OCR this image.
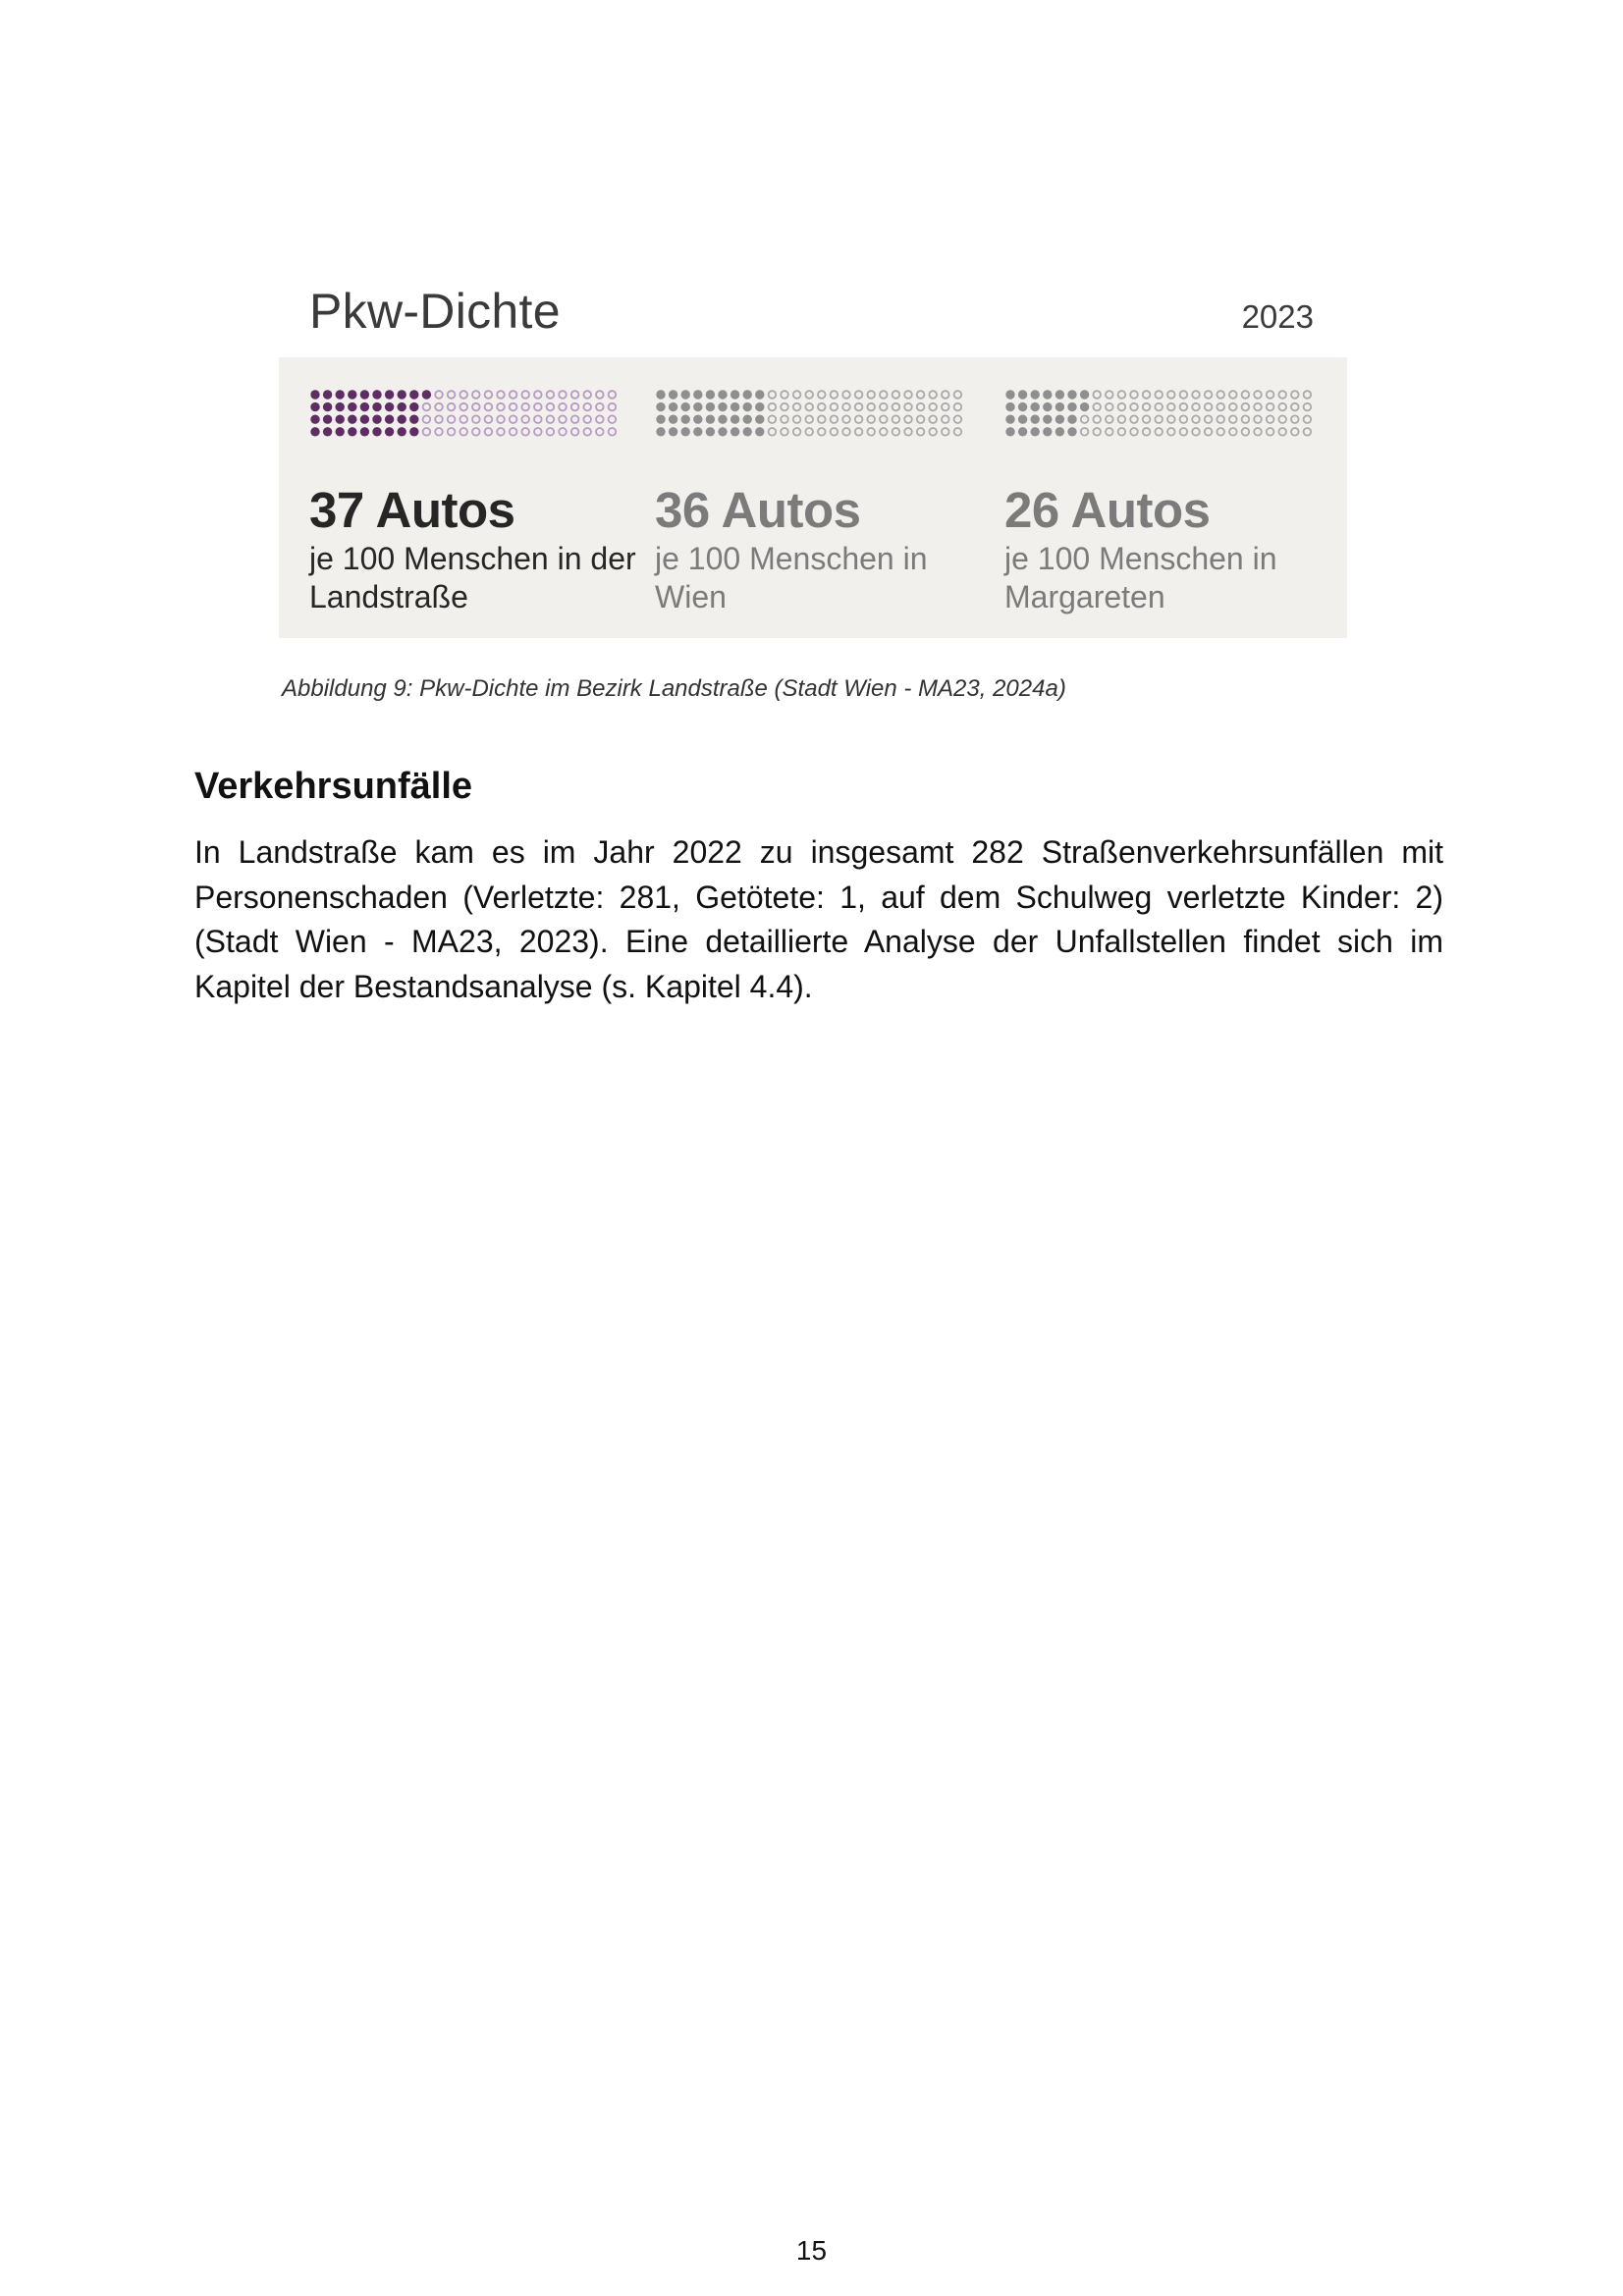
Pkw-Dichte	2023
37 Autos
je 100 Menschen in der Landstraße
36 Autos
je 100 Menschen in Wien
26 Autos
je 100 Menschen in Margareten
Abbildung 9: Pkw-Dichte im Bezirk Landstraße (Stadt Wien - MA23, 2024a)
Verkehrsunfälle
In Landstraße kam es im Jahr 2022 zu insgesamt 282 Straßenverkehrsunfällen mit Personenschaden (Verletzte: 281, Getötete: 1, auf dem Schulweg verletzte Kinder: 2) (Stadt Wien - MA23, 2023). Eine detaillierte Analyse der Unfallstellen findet sich im Kapitel der Bestandsanalyse (s. Kapitel 4.4).
15
